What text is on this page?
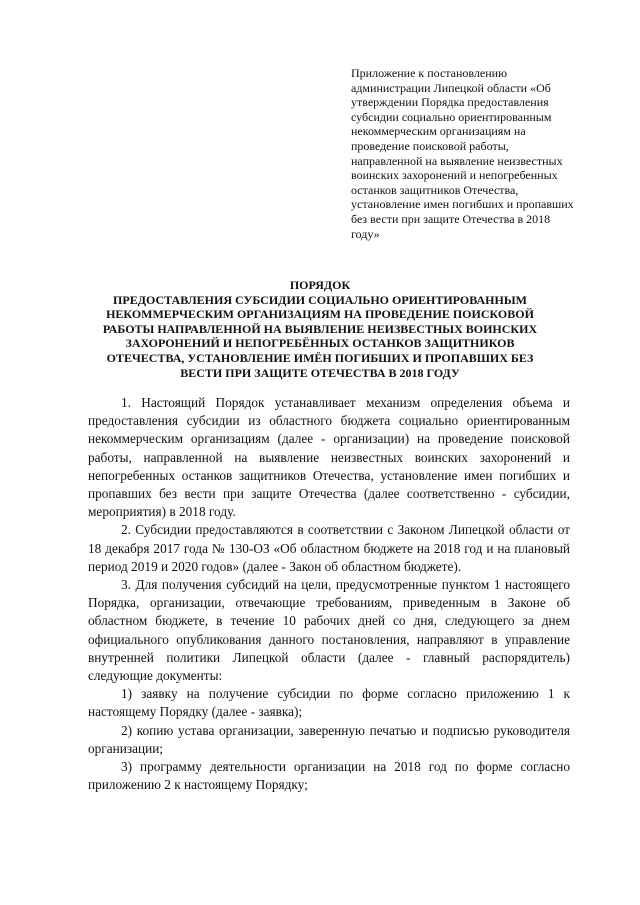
Приложение к постановлению
администрации Липецкой области «Об
утверждении Порядка предоставления
субсидии социально ориентированным
некоммерческим организациям на
проведение поисковой работы,
направленной на выявление неизвестных
воинских захоронений и непогребенных
останков защитников Отечества,
установление имен погибших и пропавших
без вести при защите Отечества в 2018
году»
ПОРЯДОК
ПРЕДОСТАВЛЕНИЯ СУБСИДИИ СОЦИАЛЬНО ОРИЕНТИРОВАННЫМ
НЕКОММЕРЧЕСКИМ ОРГАНИЗАЦИЯМ НА ПРОВЕДЕНИЕ ПОИСКОВОЙ
РАБОТЫ НАПРАВЛЕННОЙ НА ВЫЯВЛЕНИЕ НЕИЗВЕСТНЫХ ВОИНСКИХ
ЗАХОРОНЕНИЙ И НЕПОГРЕБЁННЫХ ОСТАНКОВ ЗАЩИТНИКОВ
ОТЕЧЕСТВА, УСТАНОВЛЕНИЕ ИМЁН ПОГИБШИХ И ПРОПАВШИХ БЕЗ
ВЕСТИ ПРИ ЗАЩИТЕ ОТЕЧЕСТВА В 2018 ГОДУ

1. Настоящий Порядок устанавливает механизм определения объема и предоставления субсидии из областного бюджета социально ориентированным некоммерческим организациям (далее - организации) на проведение поисковой работы, направленной на выявление неизвестных воинских захоронений и непогребенных останков защитников Отечества, установление имен погибших и пропавших без вести при защите Отечества (далее соответственно - субсидии, мероприятия) в 2018 году.

2. Субсидии предоставляются в соответствии с Законом Липецкой области от 18 декабря 2017 года № 130-ОЗ «Об областном бюджете на 2018 год и на плановый период 2019 и 2020 годов» (далее - Закон об областном бюджете).

3. Для получения субсидий на цели, предусмотренные пунктом 1 настоящего Порядка, организации, отвечающие требованиям, приведенным в Законе об областном бюджете, в течение 10 рабочих дней со дня, следующего за днем официального опубликования данного постановления, направляют в управление внутренней политики Липецкой области (далее - главный распорядитель) следующие документы:

1) заявку на получение субсидии по форме согласно приложению 1 к настоящему Порядку (далее - заявка);

2) копию устава организации, заверенную печатью и подписью руководителя организации;

3) программу деятельности организации на 2018 год по форме согласно приложению 2 к настоящему Порядку;
